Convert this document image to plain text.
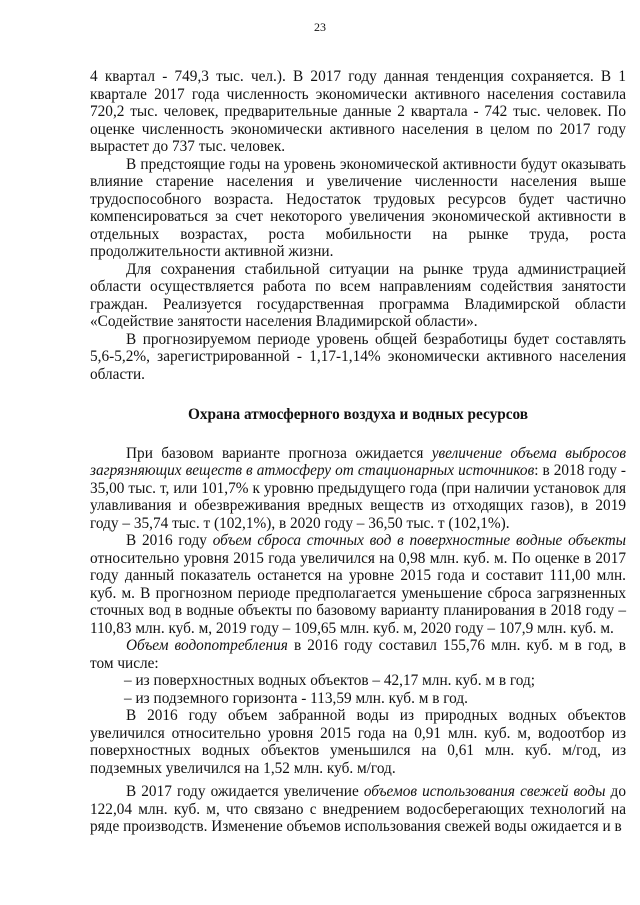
23

4 квартал - 749,3 тыс. чел.). В 2017 году данная тенденция сохраняется. В 1 квартале 2017 года численность экономически активного населения составила 720,2 тыс. человек, предварительные данные 2 квартала - 742 тыс. человек. По оценке численность экономически активного населения в целом по 2017 году вырастет до 737 тыс. человек.

В предстоящие годы на уровень экономической активности будут оказывать влияние старение населения и увеличение численности населения выше трудоспособного возраста. Недостаток трудовых ресурсов будет частично компенсироваться за счет некоторого увеличения экономической активности в отдельных возрастах, роста мобильности на рынке труда, роста продолжительности активной жизни.

Для сохранения стабильной ситуации на рынке труда администрацией области осуществляется работа по всем направлениям содействия занятости граждан. Реализуется государственная программа Владимирской области «Содействие занятости населения Владимирской области».

В прогнозируемом периоде уровень общей безработицы будет составлять 5,6-5,2%, зарегистрированной - 1,17-1,14% экономически активного населения области.

Охрана атмосферного воздуха и водных ресурсов

При базовом варианте прогноза ожидается увеличение объема выбросов загрязняющих веществ в атмосферу от стационарных источников: в 2018 году - 35,00 тыс. т, или 101,7% к уровню предыдущего года (при наличии установок для улавливания и обезвреживания вредных веществ из отходящих газов), в 2019 году – 35,74 тыс. т (102,1%), в 2020 году – 36,50 тыс. т (102,1%).

В 2016 году объем сброса сточных вод в поверхностные водные объекты относительно уровня 2015 года увеличился на 0,98 млн. куб. м. По оценке в 2017 году данный показатель останется на уровне 2015 года и составит 111,00 млн. куб. м. В прогнозном периоде предполагается уменьшение сброса загрязненных сточных вод в водные объекты по базовому варианту планирования в 2018 году – 110,83 млн. куб. м, 2019 году – 109,65 млн. куб. м, 2020 году – 107,9 млн. куб. м.

Объем водопотребления в 2016 году составил 155,76 млн. куб. м в год, в том числе:

– из поверхностных водных объектов – 42,17 млн. куб. м в год;

– из подземного горизонта - 113,59 млн. куб. м в год.

В 2016 году объем забранной воды из природных водных объектов увеличился относительно уровня 2015 года на 0,91 млн. куб. м, водоотбор из поверхностных водных объектов уменьшился на 0,61 млн. куб. м/год, из подземных увеличился на 1,52 млн. куб. м/год.

В 2017 году ожидается увеличение объемов использования свежей воды до 122,04 млн. куб. м, что связано с внедрением водосберегающих технологий на ряде производств. Изменение объемов использования свежей воды ожидается и в
